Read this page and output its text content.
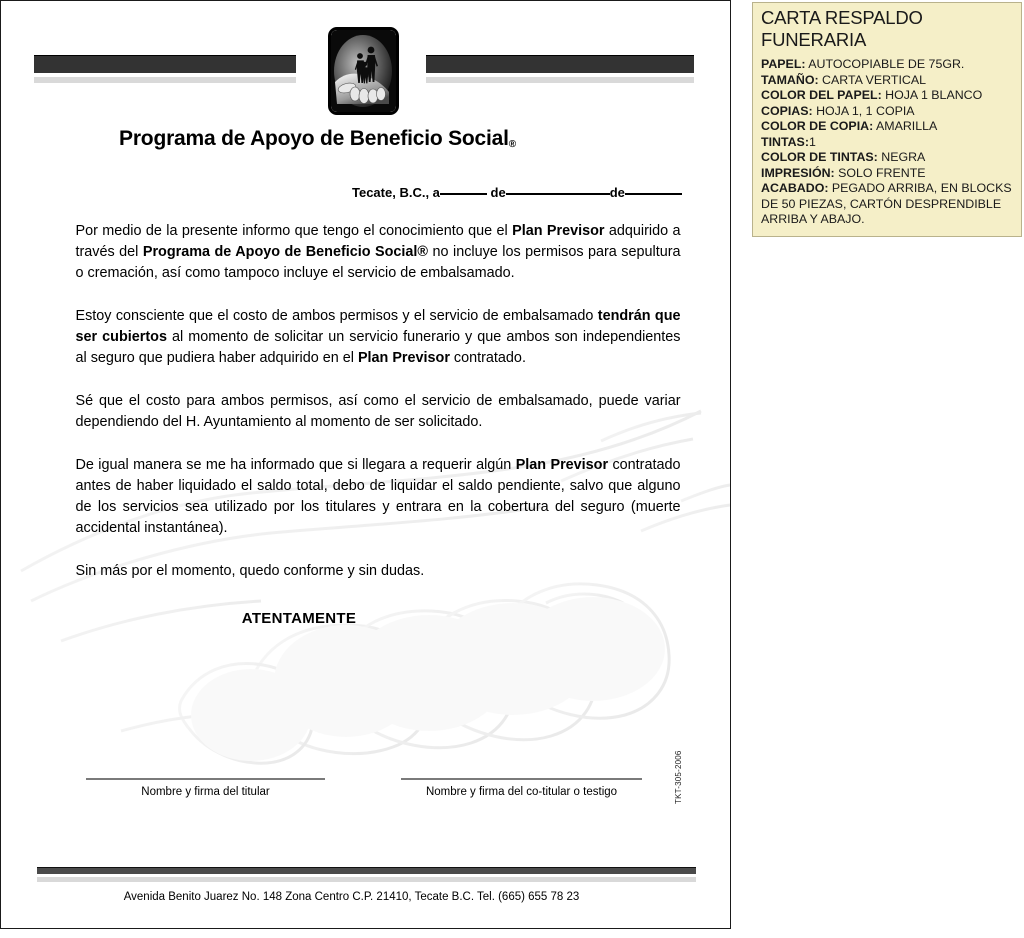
Programa de Apoyo de Beneficio Social®
Tecate, B.C., a	de	de

Por medio de la presente informo que tengo el conocimiento que el Plan Previsor adquirido a través del Programa de Apoyo de Beneficio Social® no incluye los permisos para sepultura o cremación, así como tampoco incluye el servicio de embalsamado.

Estoy consciente que el costo de ambos permisos y el servicio de embalsamado tendrán que ser cubiertos al momento de solicitar un servicio funerario y que ambos son independientes al seguro que pudiera haber adquirido en el Plan Previsor contratado.

Sé que el costo para ambos permisos, así como el servicio de embalsamado, puede variar dependiendo del H. Ayuntamiento al momento de ser solicitado.

De igual manera se me ha informado que si llegara a requerir algún Plan Previsor contratado antes de haber liquidado el saldo total, debo de liquidar el saldo pendiente, salvo que alguno de los servicios sea utilizado por los titulares y entrara en la cobertura del seguro (muerte accidental instantánea).

Sin más por el momento, quedo conforme y sin dudas.

ATENTAMENTE
Nombre y firma del titular	Nombre y firma del co-titular o testigo	TKT-305-2006
Avenida Benito Juarez No. 148 Zona Centro C.P. 21410, Tecate B.C. Tel. (665) 655 78 23
CARTA RESPALDO FUNERARIA
PAPEL: AUTOCOPIABLE DE 75GR.
TAMAÑO: CARTA VERTICAL
COLOR DEL PAPEL: HOJA 1 BLANCO
COPIAS: HOJA 1, 1 COPIA
COLOR DE COPIA: AMARILLA
TINTAS:1
COLOR DE TINTAS: NEGRA
IMPRESIÓN: SOLO FRENTE
ACABADO: PEGADO ARRIBA, EN BLOCKS DE 50 PIEZAS, CARTÓN DESPRENDIBLE ARRIBA Y ABAJO.
